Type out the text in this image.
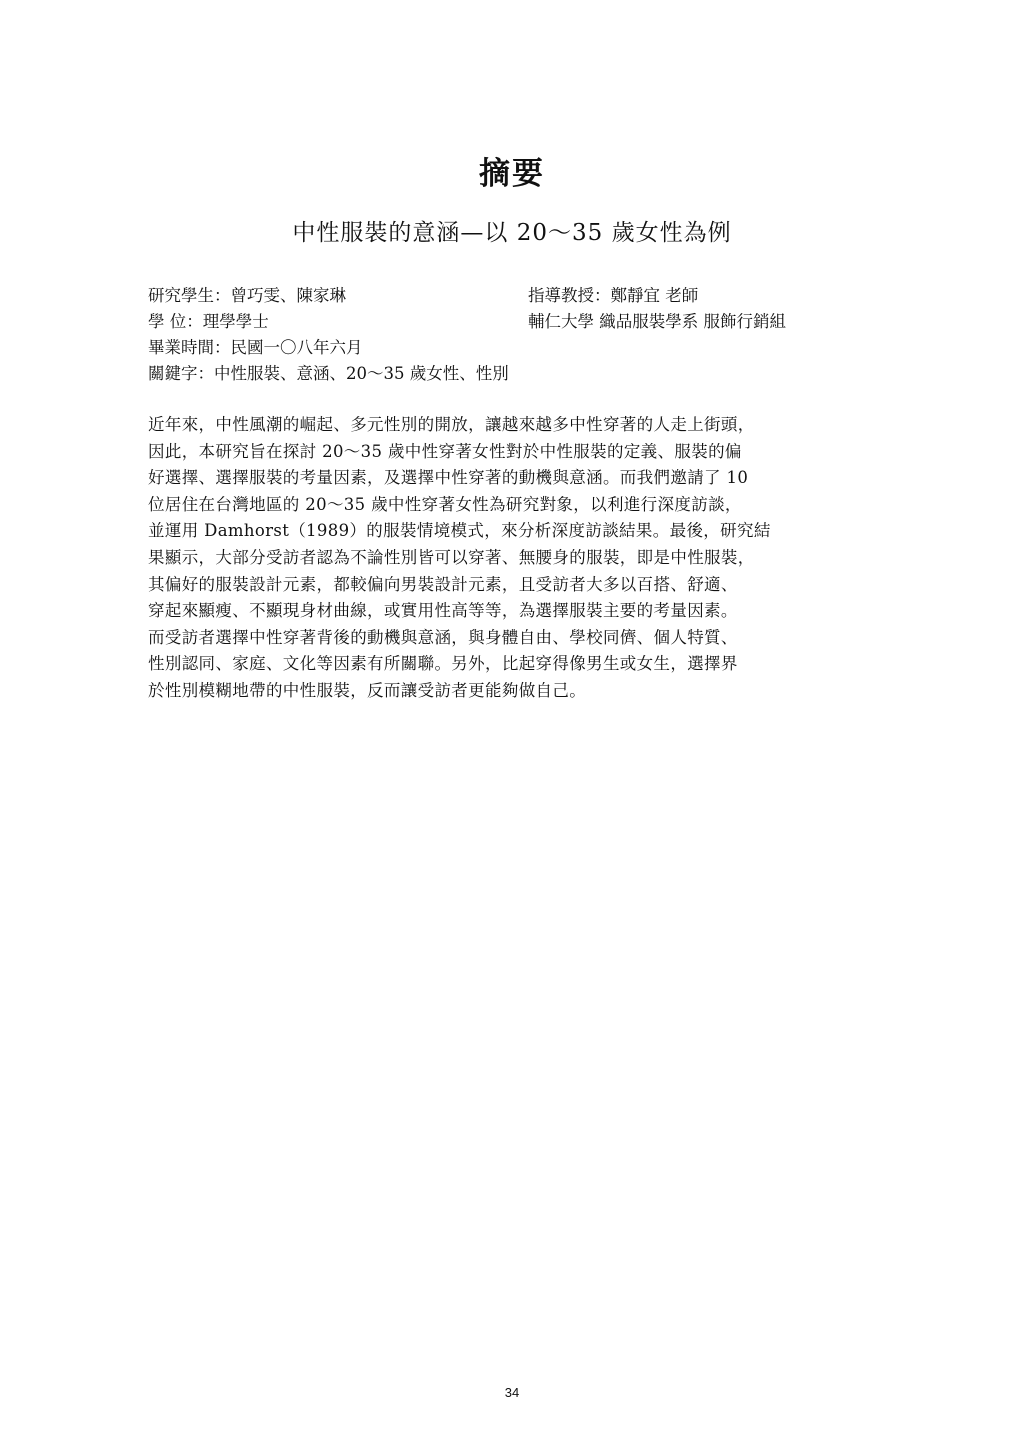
摘要
中性服裝的意涵—以 20～35 歲女性為例
研究學生：曾巧雯、陳家琳	指導教授：鄭靜宜 老師
學 位：理學學士	輔仁大學 織品服裝學系 服飾行銷組
畢業時間：民國一〇八年六月
關鍵字：中性服裝、意涵、20～35 歲女性、性別
近年來，中性風潮的崛起、多元性別的開放，讓越來越多中性穿著的人走上街頭，
因此，本研究旨在探討 20～35 歲中性穿著女性對於中性服裝的定義、服裝的偏
好選擇、選擇服裝的考量因素，及選擇中性穿著的動機與意涵。而我們邀請了 10
位居住在台灣地區的 20～35 歲中性穿著女性為研究對象，以利進行深度訪談，
並運用 Damhorst（1989）的服裝情境模式，來分析深度訪談結果。最後，研究結
果顯示，大部分受訪者認為不論性別皆可以穿著、無腰身的服裝，即是中性服裝，
其偏好的服裝設計元素，都較偏向男裝設計元素，且受訪者大多以百搭、舒適、
穿起來顯瘦、不顯現身材曲線，或實用性高等等，為選擇服裝主要的考量因素。
而受訪者選擇中性穿著背後的動機與意涵，與身體自由、學校同儕、個人特質、
性別認同、家庭、文化等因素有所關聯。另外，比起穿得像男生或女生，選擇界
於性別模糊地帶的中性服裝，反而讓受訪者更能夠做自己。
34
